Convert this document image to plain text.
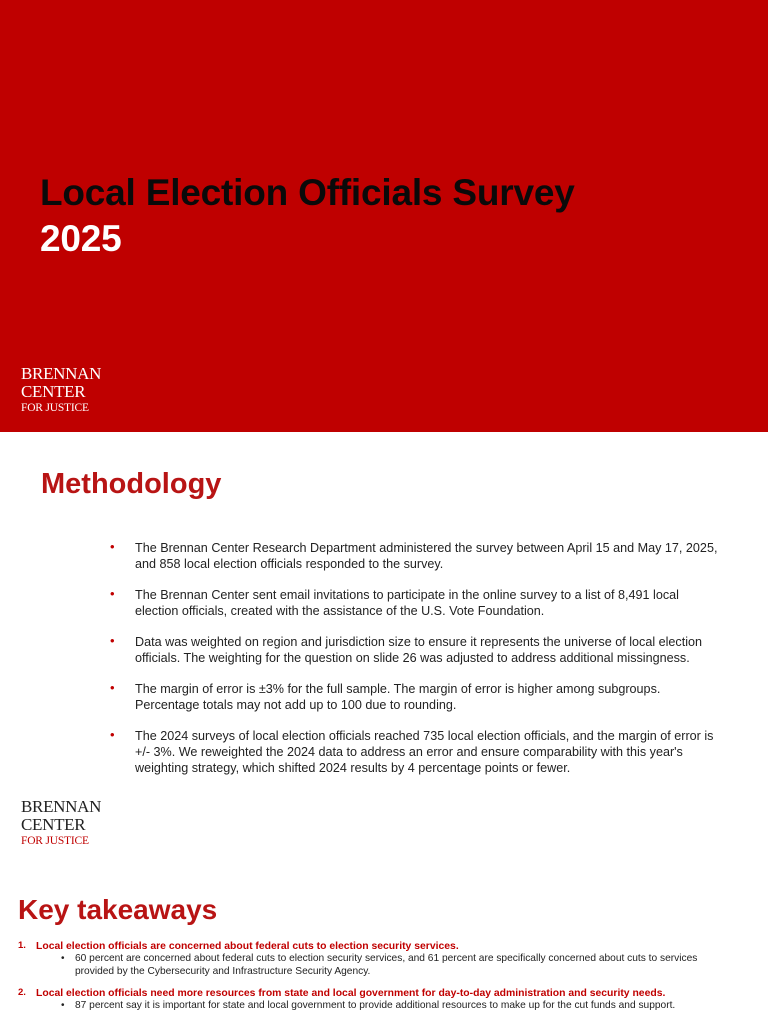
Local Election Officials Survey
2025
BRENNAN
CENTER
FOR JUSTICE
Methodology
• The Brennan Center Research Department administered the survey between April 15 and May 17, 2025, and 858 local election officials responded to the survey.
• The Brennan Center sent email invitations to participate in the online survey to a list of 8,491 local election officials, created with the assistance of the U.S. Vote Foundation.
• Data was weighted on region and jurisdiction size to ensure it represents the universe of local election officials. The weighting for the question on slide 26 was adjusted to address additional missingness.
• The margin of error is ±3% for the full sample. The margin of error is higher among subgroups. Percentage totals may not add up to 100 due to rounding.
• The 2024 surveys of local election officials reached 735 local election officials, and the margin of error is +/- 3%. We reweighted the 2024 data to address an error and ensure comparability with this year's weighting strategy, which shifted 2024 results by 4 percentage points or fewer.
BRENNAN
CENTER
FOR JUSTICE
Key takeaways
1. Local election officials are concerned about federal cuts to election security services.
• 60 percent are concerned about federal cuts to election security services, and 61 percent are specifically concerned about cuts to services provided by the Cybersecurity and Infrastructure Security Agency.
2. Local election officials need more resources from state and local government for day-to-day administration and security needs.
• 87 percent say it is important for state and local government to provide additional resources to make up for the cut funds and support.
